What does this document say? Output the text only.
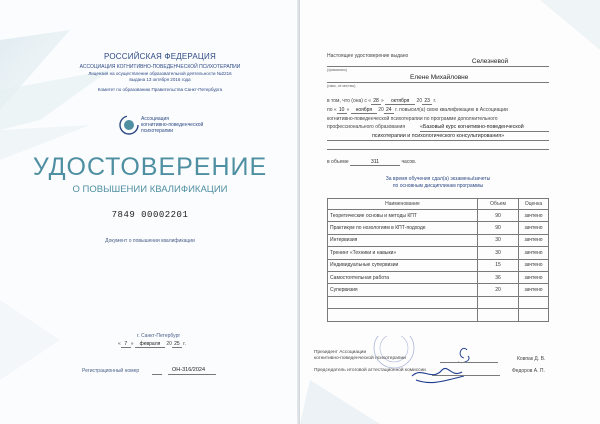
РОССИЙСКАЯ ФЕДЕРАЦИЯ
АССОЦИАЦИЯ КОГНИТИВНО-ПОВЕДЕНЧЕСКОЙ ПСИХОТЕРАПИИ
Лицензия на осуществление образовательной деятельности №2216
выдана 13 октября 2016 года
Комитет по образованию Правительства Санкт-Петербурга
Ассоциация
когнитивно-поведенческой
психотерапии
УДОСТОВЕРЕНИЕ
О ПОВЫШЕНИИ КВАЛИФИКАЦИИ
7849 00002201
Документ о повышении квалификации
г. Санкт-Петербург
« 7 » февраля 20 25 г.
Регистрационный номер	ОН-316/2024
Настоящее удостоверение выдано
Селезневой
(фамилия)
Елене Михайловне
(имя, отчество)
в том, что (она) с « 28 » октября 20 23 г.
по « 10 » ноября 20 24 г. повысил(а) свою квалификацию в Ассоциации
когнитивно-поведенческой психотерапии по программе дополнительного
профессионального образования	«Базовый курс когнитивно-поведенческой
психотерапии и психологического консультирования»
в объеме	311	часов.
За время обучения сдал(а) экзамены/зачеты
по основным дисциплинам программы
Наименование	Объем	Оценка
Теоретические основы и методы КПТ	90	зачтено
Практикум по нозологиям в КПТ-подходе	90	зачтено
Интервизия	30	зачтено
Тренинг «Техники и навыки»	30	зачтено
Индивидуальные супервизии	15	зачтено
Самостоятельная работа	36	зачтено
Супервизия	20	зачтено

Президент Ассоциации
когнитивно-поведенческой психотерапии	Ковпак Д. В.
Председатель итоговой аттестационной комиссии	Федоров А. П.
